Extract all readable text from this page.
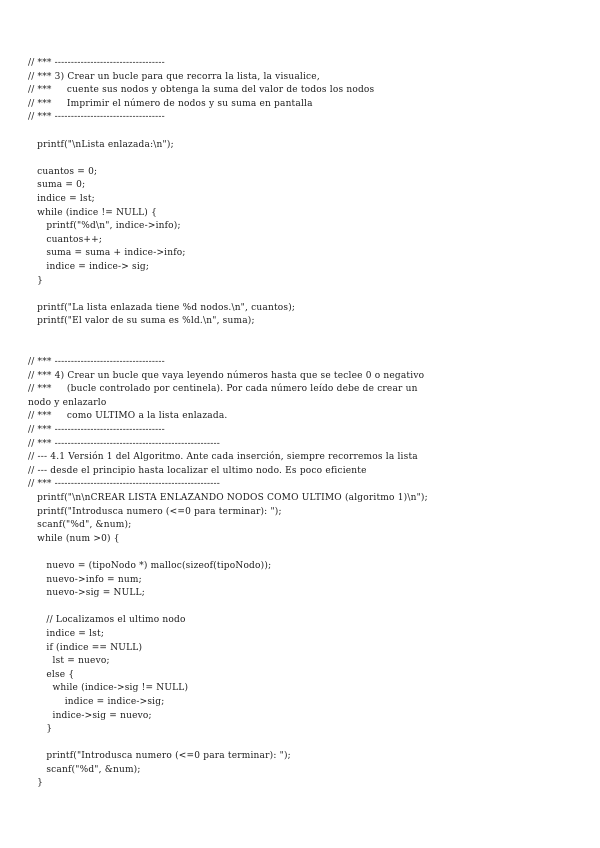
// *** ----------------------------------
// *** 3) Crear un bucle para que recorra la lista, la visualice,
// ***     cuente sus nodos y obtenga la suma del valor de todos los nodos
// ***     Imprimir el número de nodos y su suma en pantalla
// *** ----------------------------------
printf("\nLista enlazada:\n");
cuantos = 0;
suma = 0;
indice = lst;
while (indice != NULL) {
printf("%d\n", indice->info);
cuantos++;
suma = suma + indice->info;
indice = indice-> sig;
}
printf("La lista enlazada tiene %d nodos.\n", cuantos);
printf("El valor de su suma es %ld.\n", suma);
// *** ----------------------------------
// *** 4) Crear un bucle que vaya leyendo números hasta que se teclee 0 o negativo
// ***     (bucle controlado por centinela). Por cada número leído debe de crear un
nodo y enlazarlo
// ***     como ULTIMO a la lista enlazada.
// *** ----------------------------------
// *** ---------------------------------------------------
// --- 4.1 Versión 1 del Algoritmo. Ante cada inserción, siempre recorremos la lista
// --- desde el principio hasta localizar el ultimo nodo. Es poco eficiente
// *** ---------------------------------------------------
printf("\n\nCREAR LISTA ENLAZANDO NODOS COMO ULTIMO (algoritmo 1)\n");
printf("Introdusca numero (<=0 para terminar): ");
scanf("%d", &num);
while (num >0) {
nuevo = (tipoNodo *) malloc(sizeof(tipoNodo));
nuevo->info = num;
nuevo->sig = NULL;
// Localizamos el ultimo nodo
indice = lst;
if (indice == NULL)
lst = nuevo;
else {
while (indice->sig != NULL)
indice = indice->sig;
indice->sig = nuevo;
}
printf("Introdusca numero (<=0 para terminar): ");
scanf("%d", &num);
}
